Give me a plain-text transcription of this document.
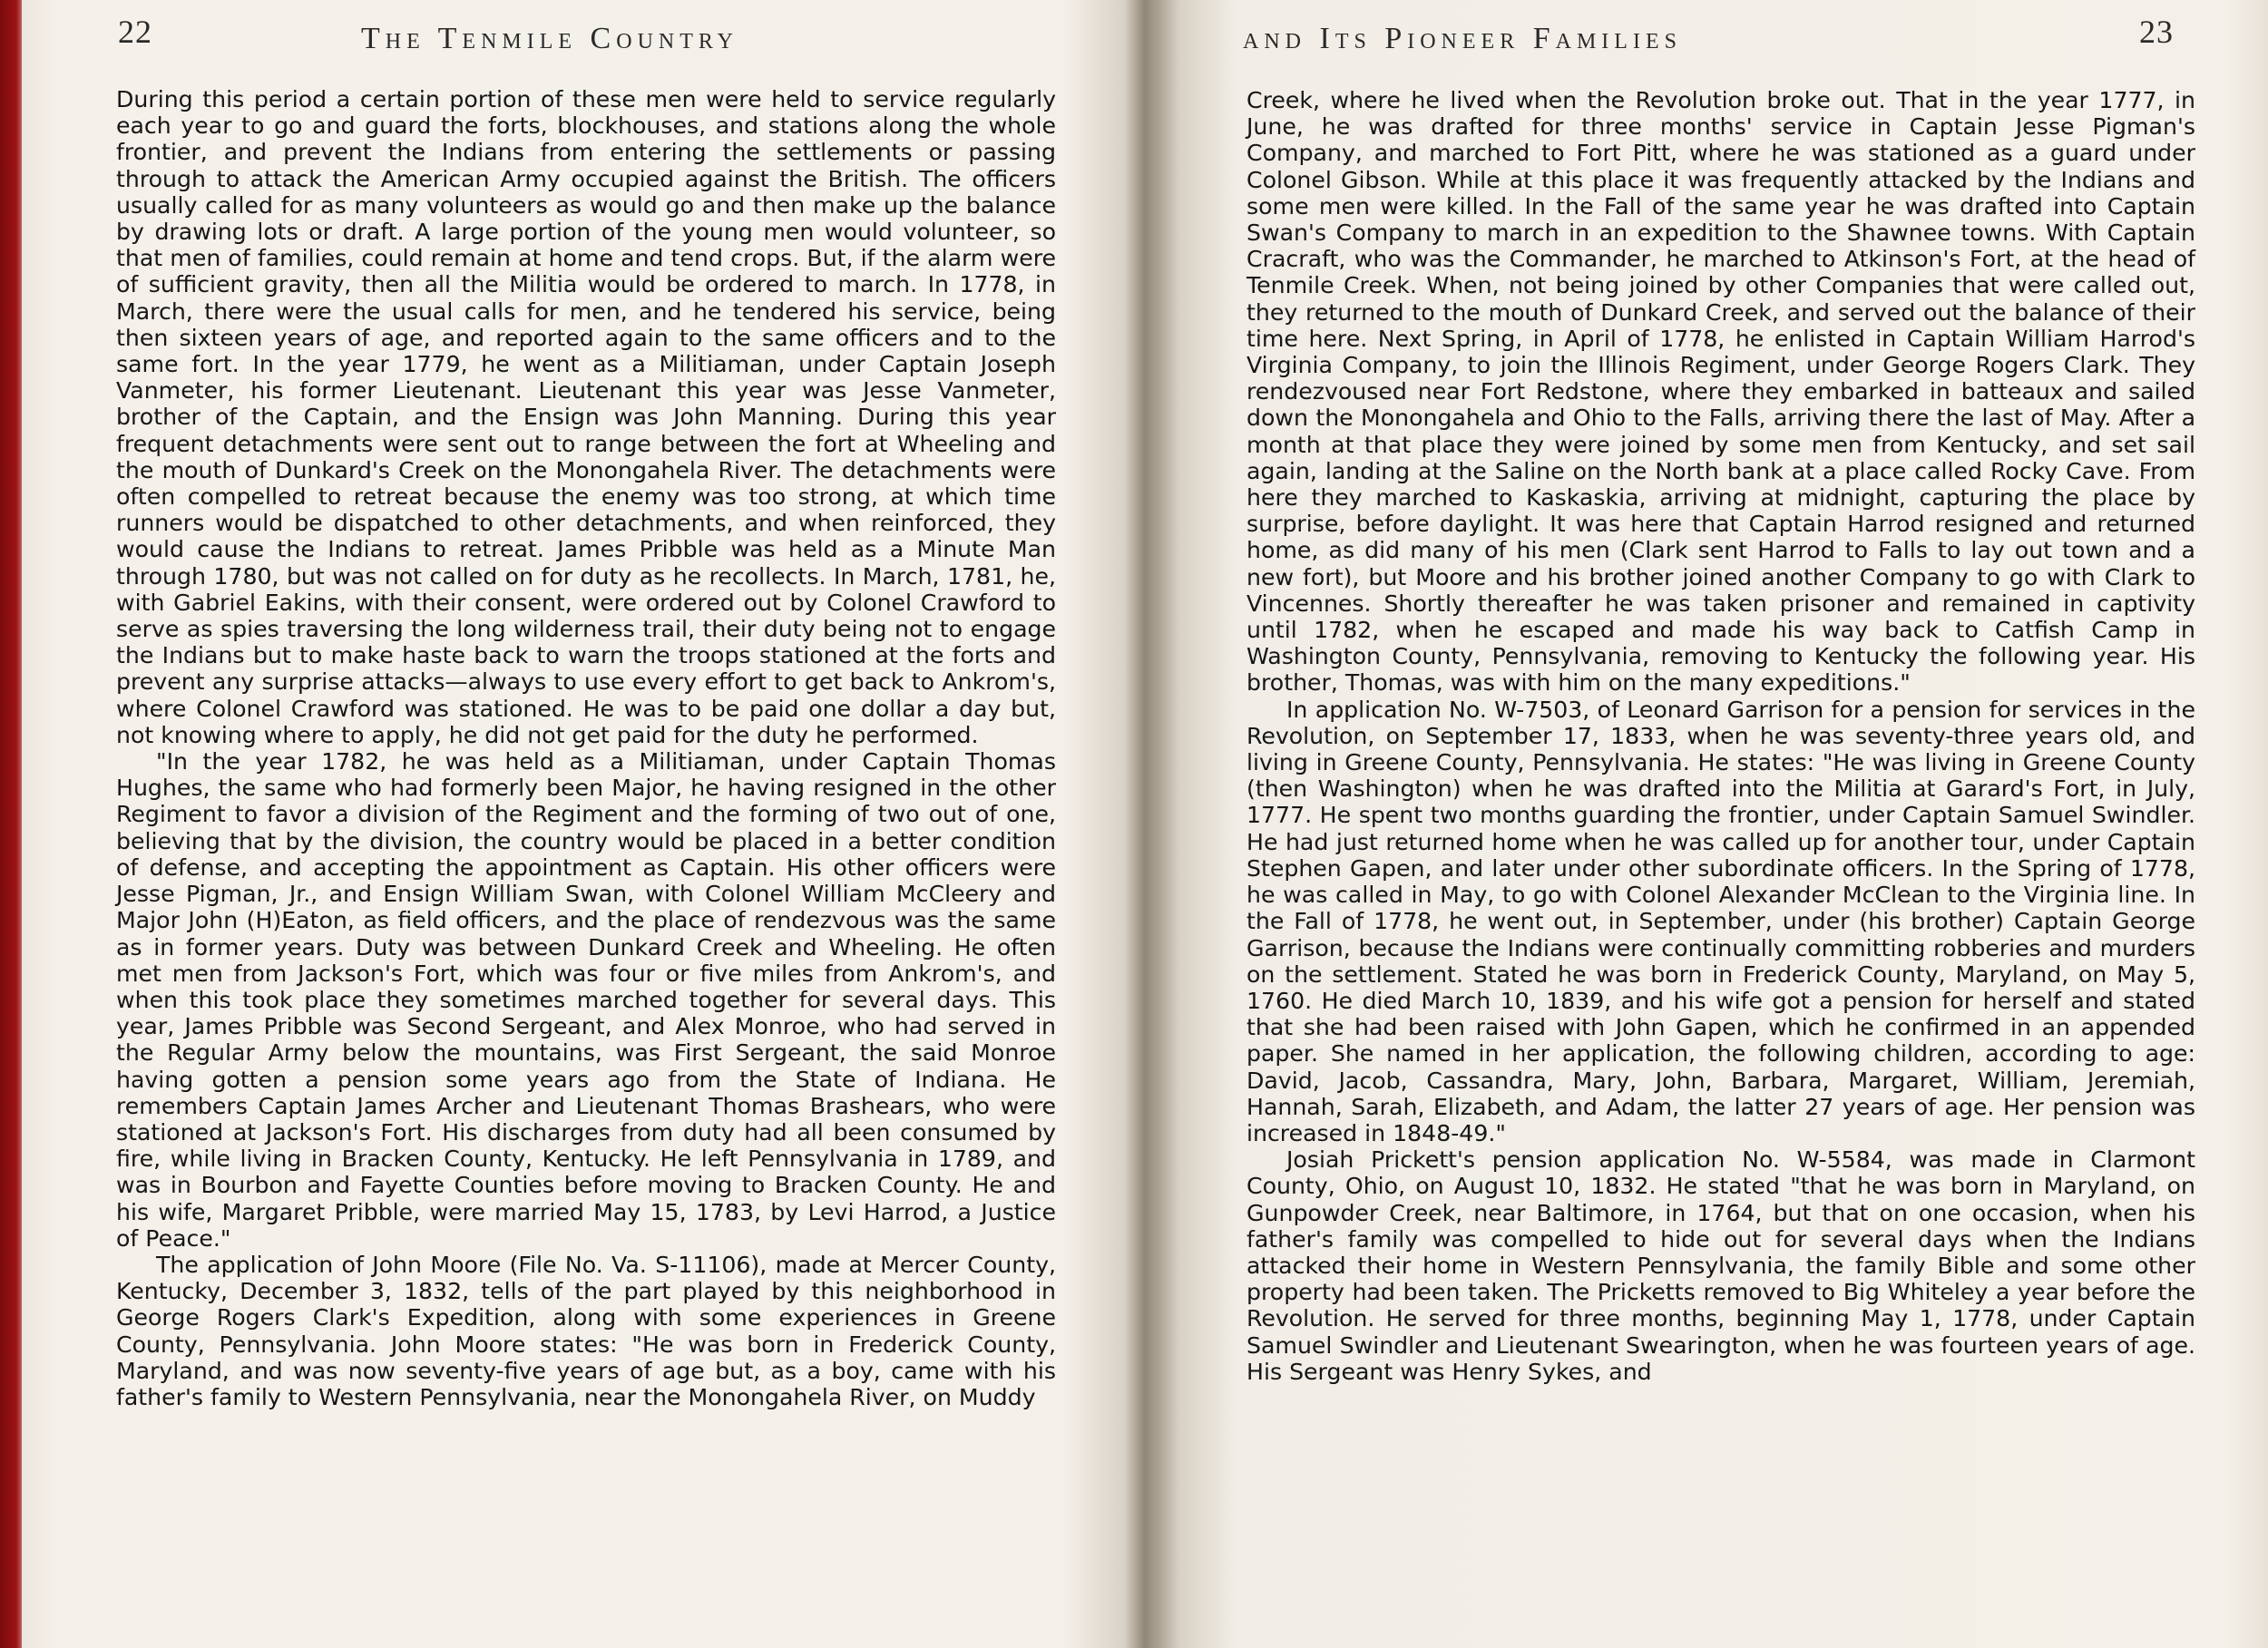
22	The Tenmile Country

During this period a certain portion of these men were held to service regularly each year to go and guard the forts, blockhouses, and stations along the whole frontier, and prevent the Indians from entering the settlements or passing through to attack the American Army occupied against the British. The officers usually called for as many volunteers as would go and then make up the balance by drawing lots or draft. A large portion of the young men would volunteer, so that men of families, could remain at home and tend crops. But, if the alarm were of sufficient gravity, then all the Militia would be ordered to march. In 1778, in March, there were the usual calls for men, and he tendered his service, being then sixteen years of age, and reported again to the same officers and to the same fort. In the year 1779, he went as a Militiaman, under Captain Joseph Vanmeter, his former Lieutenant. Lieutenant this year was Jesse Vanmeter, brother of the Captain, and the Ensign was John Manning. During this year frequent detachments were sent out to range between the fort at Wheeling and the mouth of Dunkard's Creek on the Monongahela River. The detachments were often compelled to retreat because the enemy was too strong, at which time runners would be dispatched to other detachments, and when reinforced, they would cause the Indians to retreat. James Pribble was held as a Minute Man through 1780, but was not called on for duty as he recollects. In March, 1781, he, with Gabriel Eakins, with their consent, were ordered out by Colonel Crawford to serve as spies traversing the long wilderness trail, their duty being not to engage the Indians but to make haste back to warn the troops stationed at the forts and prevent any surprise attacks—always to use every effort to get back to Ankrom's, where Colonel Crawford was stationed. He was to be paid one dollar a day but, not knowing where to apply, he did not get paid for the duty he performed.

"In the year 1782, he was held as a Militiaman, under Captain Thomas Hughes, the same who had formerly been Major, he having resigned in the other Regiment to favor a division of the Regiment and the forming of two out of one, believing that by the division, the country would be placed in a better condition of defense, and accepting the appointment as Captain. His other officers were Jesse Pigman, Jr., and Ensign William Swan, with Colonel William McCleery and Major John (H)Eaton, as field officers, and the place of rendezvous was the same as in former years. Duty was between Dunkard Creek and Wheeling. He often met men from Jackson's Fort, which was four or five miles from Ankrom's, and when this took place they sometimes marched together for several days. This year, James Pribble was Second Sergeant, and Alex Monroe, who had served in the Regular Army below the mountains, was First Sergeant, the said Monroe having gotten a pension some years ago from the State of Indiana. He remembers Captain James Archer and Lieutenant Thomas Brashears, who were stationed at Jackson's Fort. His discharges from duty had all been consumed by fire, while living in Bracken County, Kentucky. He left Pennsylvania in 1789, and was in Bourbon and Fayette Counties before moving to Bracken County. He and his wife, Margaret Pribble, were married May 15, 1783, by Levi Harrod, a Justice of Peace."

The application of John Moore (File No. Va. S-11106), made at Mercer County, Kentucky, December 3, 1832, tells of the part played by this neighborhood in George Rogers Clark's Expedition, along with some experiences in Greene County, Pennsylvania. John Moore states: "He was born in Frederick County, Maryland, and was now seventy-five years of age but, as a boy, came with his father's family to Western Pennsylvania, near the Monongahela River, on Muddy

and Its Pioneer Families	23

Creek, where he lived when the Revolution broke out. That in the year 1777, in June, he was drafted for three months' service in Captain Jesse Pigman's Company, and marched to Fort Pitt, where he was stationed as a guard under Colonel Gibson. While at this place it was frequently attacked by the Indians and some men were killed. In the Fall of the same year he was drafted into Captain Swan's Company to march in an expedition to the Shawnee towns. With Captain Cracraft, who was the Commander, he marched to Atkinson's Fort, at the head of Tenmile Creek. When, not being joined by other Companies that were called out, they returned to the mouth of Dunkard Creek, and served out the balance of their time here. Next Spring, in April of 1778, he enlisted in Captain William Harrod's Virginia Company, to join the Illinois Regiment, under George Rogers Clark. They rendezvoused near Fort Redstone, where they embarked in batteaux and sailed down the Monongahela and Ohio to the Falls, arriving there the last of May. After a month at that place they were joined by some men from Kentucky, and set sail again, landing at the Saline on the North bank at a place called Rocky Cave. From here they marched to Kaskaskia, arriving at midnight, capturing the place by surprise, before daylight. It was here that Captain Harrod resigned and returned home, as did many of his men (Clark sent Harrod to Falls to lay out town and a new fort), but Moore and his brother joined another Company to go with Clark to Vincennes. Shortly thereafter he was taken prisoner and remained in captivity until 1782, when he escaped and made his way back to Catfish Camp in Washington County, Pennsylvania, removing to Kentucky the following year. His brother, Thomas, was with him on the many expeditions."

In application No. W-7503, of Leonard Garrison for a pension for services in the Revolution, on September 17, 1833, when he was seventy-three years old, and living in Greene County, Pennsylvania. He states: "He was living in Greene County (then Washington) when he was drafted into the Militia at Garard's Fort, in July, 1777. He spent two months guarding the frontier, under Captain Samuel Swindler. He had just returned home when he was called up for another tour, under Captain Stephen Gapen, and later under other subordinate officers. In the Spring of 1778, he was called in May, to go with Colonel Alexander McClean to the Virginia line. In the Fall of 1778, he went out, in September, under (his brother) Captain George Garrison, because the Indians were continually committing robberies and murders on the settlement. Stated he was born in Frederick County, Maryland, on May 5, 1760. He died March 10, 1839, and his wife got a pension for herself and stated that she had been raised with John Gapen, which he confirmed in an appended paper. She named in her application, the following children, according to age: David, Jacob, Cassandra, Mary, John, Barbara, Margaret, William, Jeremiah, Hannah, Sarah, Elizabeth, and Adam, the latter 27 years of age. Her pension was increased in 1848-49."

Josiah Prickett's pension application No. W-5584, was made in Clarmont County, Ohio, on August 10, 1832. He stated "that he was born in Maryland, on Gunpowder Creek, near Baltimore, in 1764, but that on one occasion, when his father's family was compelled to hide out for several days when the Indians attacked their home in Western Pennsylvania, the family Bible and some other property had been taken. The Pricketts removed to Big Whiteley a year before the Revolution. He served for three months, beginning May 1, 1778, under Captain Samuel Swindler and Lieutenant Swearington, when he was fourteen years of age. His Sergeant was Henry Sykes, and
